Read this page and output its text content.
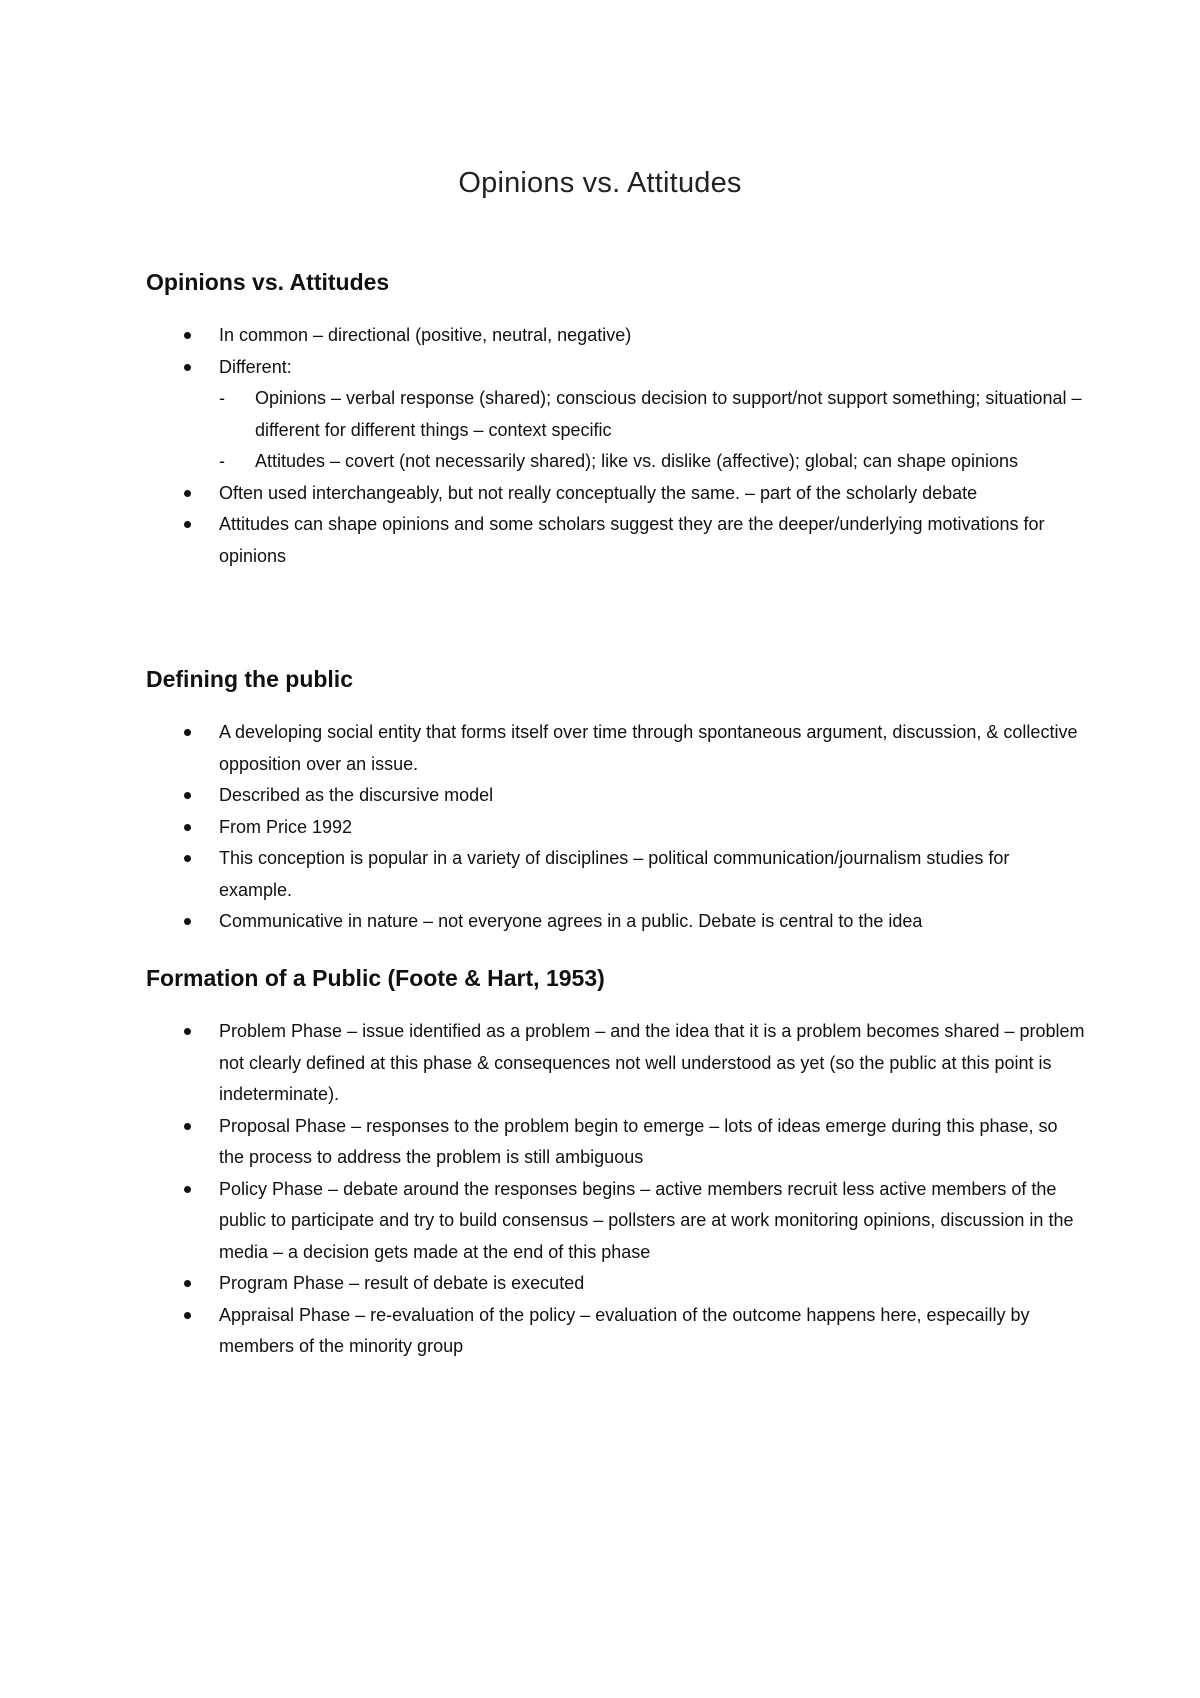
Opinions vs. Attitudes
Opinions vs. Attitudes
In common – directional (positive, neutral, negative)
Different:
- Opinions – verbal response (shared); conscious decision to support/not support something; situational – different for different things – context specific
- Attitudes – covert (not necessarily shared); like vs. dislike (affective); global; can shape opinions
Often used interchangeably, but not really conceptually the same. – part of the scholarly debate
Attitudes can shape opinions and some scholars suggest they are the deeper/underlying motivations for opinions
Defining the public
A developing social entity that forms itself over time through spontaneous argument, discussion, & collective opposition over an issue.
Described as the discursive model
From Price 1992
This conception is popular in a variety of disciplines – political communication/journalism studies for example.
Communicative in nature – not everyone agrees in a public. Debate is central to the idea
Formation of a Public (Foote & Hart, 1953)
Problem Phase – issue identified as a problem – and the idea that it is a problem becomes shared – problem not clearly defined at this phase & consequences not well understood as yet (so the public at this point is indeterminate).
Proposal Phase – responses to the problem begin to emerge – lots of ideas emerge during this phase, so the process to address the problem is still ambiguous
Policy Phase – debate around the responses begins – active members recruit less active members of the public to participate and try to build consensus – pollsters are at work monitoring opinions, discussion in the media – a decision gets made at the end of this phase
Program Phase – result of debate is executed
Appraisal Phase – re-evaluation of the policy – evaluation of the outcome happens here, especailly by members of the minority group
